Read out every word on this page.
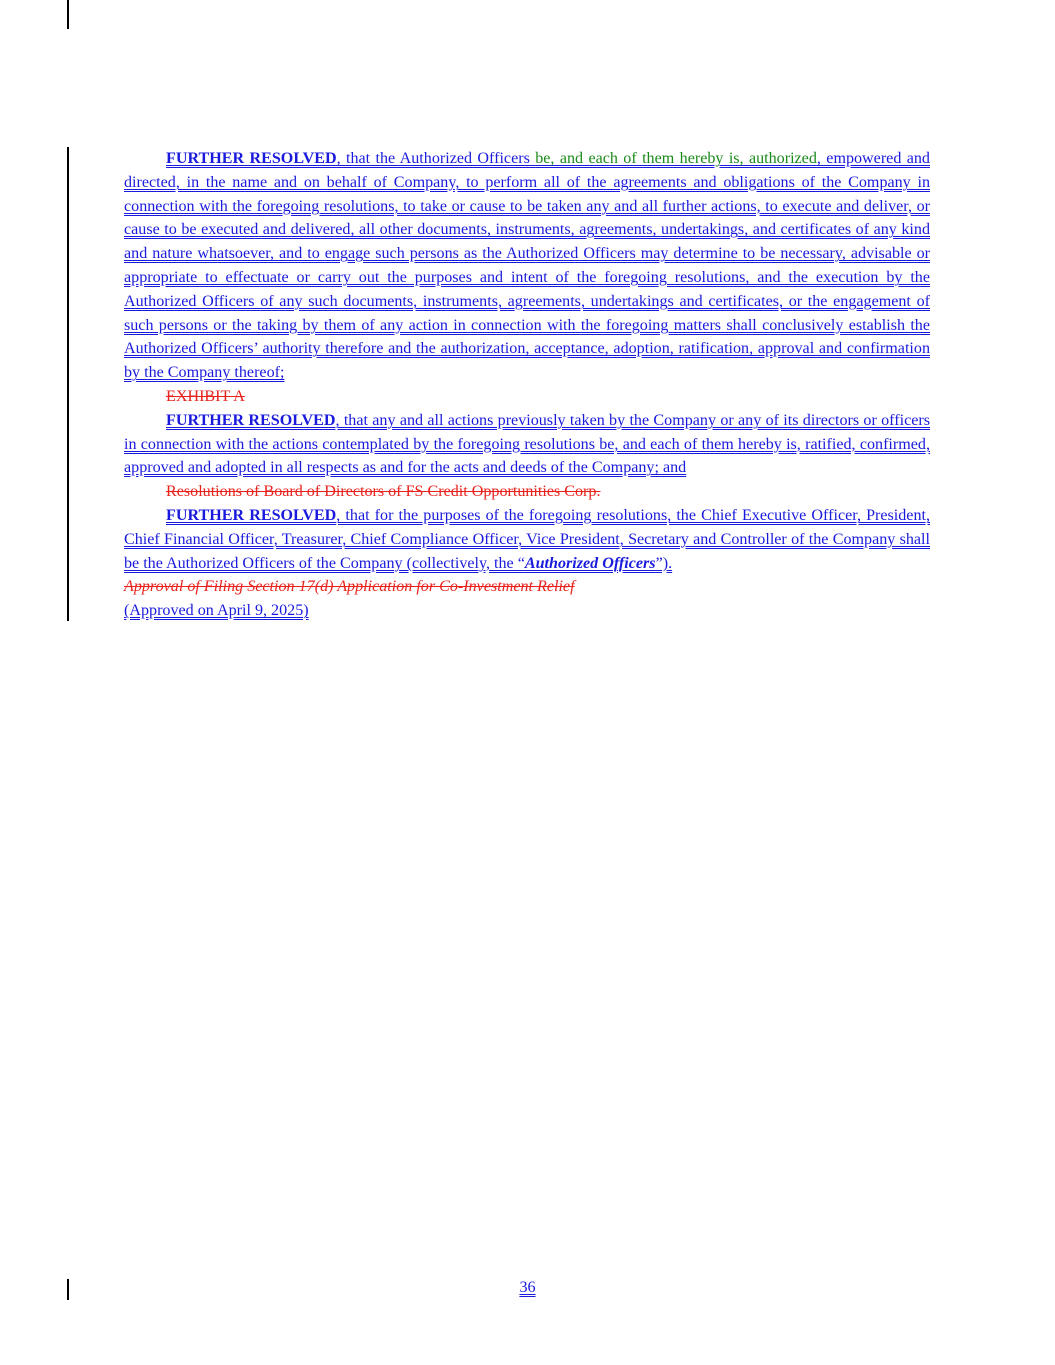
FURTHER RESOLVED, that the Authorized Officers be, and each of them hereby is, authorized, empowered and directed, in the name and on behalf of Company, to perform all of the agreements and obligations of the Company in connection with the foregoing resolutions, to take or cause to be taken any and all further actions, to execute and deliver, or cause to be executed and delivered, all other documents, instruments, agreements, undertakings, and certificates of any kind and nature whatsoever, and to engage such persons as the Authorized Officers may determine to be necessary, advisable or appropriate to effectuate or carry out the purposes and intent of the foregoing resolutions, and the execution by the Authorized Officers of any such documents, instruments, agreements, undertakings and certificates, or the engagement of such persons or the taking by them of any action in connection with the foregoing matters shall conclusively establish the Authorized Officers’ authority therefore and the authorization, acceptance, adoption, ratification, approval and confirmation by the Company thereof;

EXHIBIT A

FURTHER RESOLVED, that any and all actions previously taken by the Company or any of its directors or officers in connection with the actions contemplated by the foregoing resolutions be, and each of them hereby is, ratified, confirmed, approved and adopted in all respects as and for the acts and deeds of the Company; and

Resolutions of Board of Directors of FS Credit Opportunities Corp.

FURTHER RESOLVED, that for the purposes of the foregoing resolutions, the Chief Executive Officer, President, Chief Financial Officer, Treasurer, Chief Compliance Officer, Vice President, Secretary and Controller of the Company shall be the Authorized Officers of the Company (collectively, the “Authorized Officers”).

Approval of Filing Section 17(d) Application for Co-Investment Relief

(Approved on April 9, 2025)

36
